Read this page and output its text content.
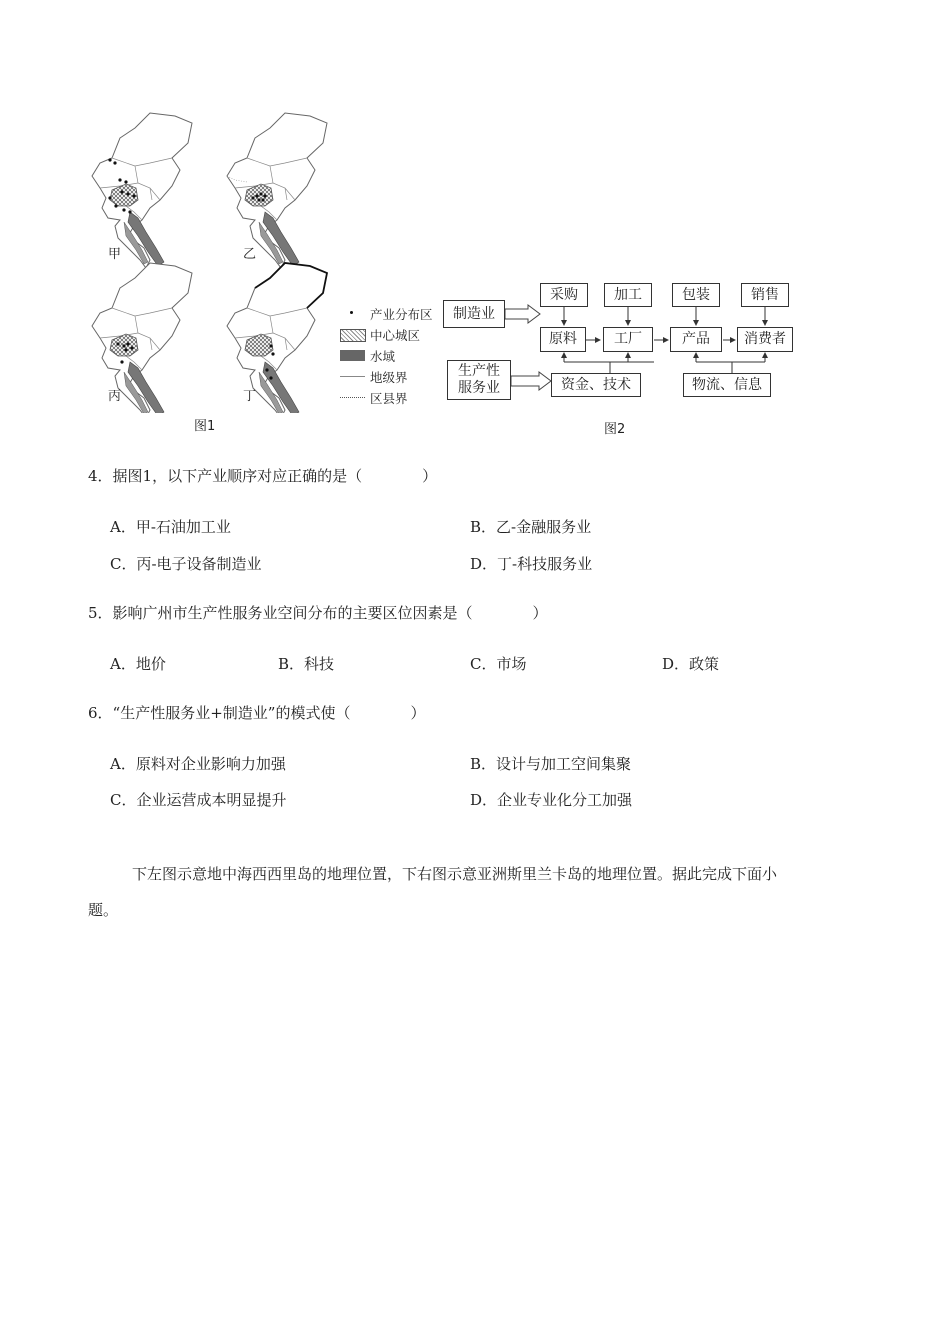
甲	乙
丙	丁
产业分布区
中心城区
水域
地级界
区县界
图1
制造业
生产性
服务业
采购	加工	包装	销售
原料	工厂	产品	消费者
资金、技术	物流、信息
图2
4．据图1，以下产业顺序对应正确的是（　　　　）
A．甲-石油加工业	B．乙-金融服务业
C．丙-电子设备制造业	D．丁-科技服务业
5．影响广州市生产性服务业空间分布的主要区位因素是（　　　　）
A．地价	B．科技	C．市场	D．政策
6．“生产性服务业+制造业”的模式使（　　　　）
A．原料对企业影响力加强	B．设计与加工空间集聚
C．企业运营成本明显提升	D．企业专业化分工加强
下左图示意地中海西西里岛的地理位置，下右图示意亚洲斯里兰卡岛的地理位置。据此完成下面小
题。
